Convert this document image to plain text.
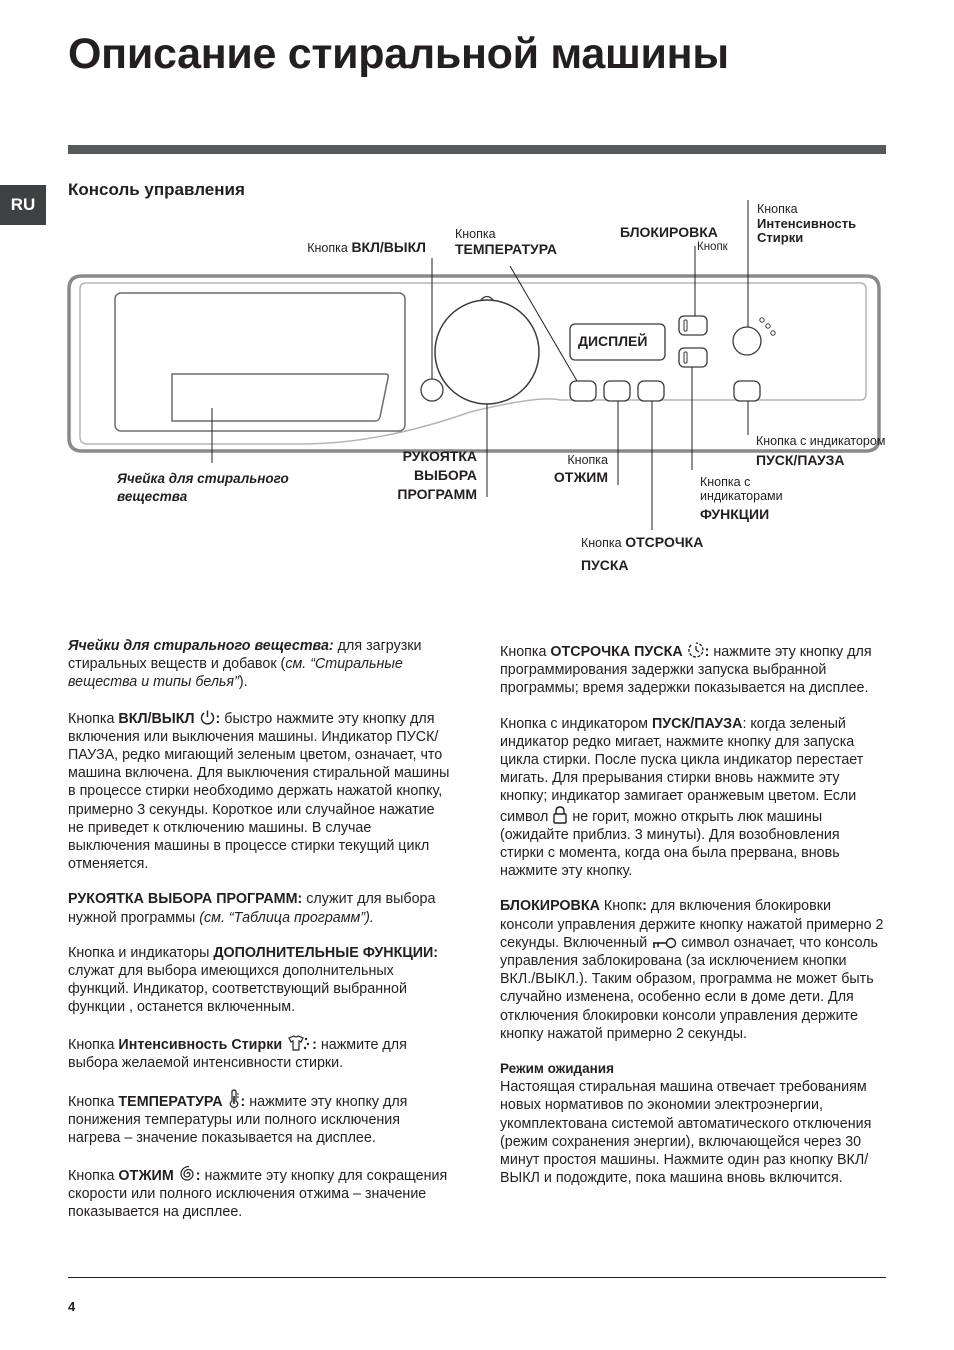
Описание стиральной машины
RU
Консоль управления
Кнопка ВКЛ/ВЫКЛ
Кнопка
ТЕМПЕРАТУРА
БЛОКИРОВКА
Кнопк
Кнопка
Интенсивность
Стирки
ДИСПЛЕЙ
РУКОЯТКА
ВЫБОРА
ПРОГРАММ
Ячейка для стирального
вещества
Кнопка
ОТЖИМ
Кнопка ОТСРОЧКА
ПУСКА
Кнопка с
индикаторами
ФУНКЦИИ
Кнопка с индикатором
ПУСК/ПАУЗА

Ячейки для стирального вещества: для загрузки стиральных веществ и добавок (см. “Стиральные вещества и типы белья”).

Кнопка ВКЛ/ВЫКЛ : быстро нажмите эту кнопку для включения или выключения машины. Индикатор ПУСК/ПАУЗА, редко мигающий зеленым цветом, означает, что машина включена. Для выключения стиральной машины в процессе стирки необходимо держать нажатой кнопку, примерно 3 секунды. Короткое или случайное нажатие не приведет к отключению машины. В случае выключения машины в процессе стирки текущий цикл отменяется.

РУКОЯТКА ВЫБОРА ПРОГРАММ: служит для выбора нужной программы (см. “Таблица программ”).

Кнопка и индикаторы ДОПОЛНИТЕЛЬНЫЕ ФУНКЦИИ: служат для выбора имеющихся дополнительных функций. Индикатор, соответствующий выбранной функции , останется включенным.

Кнопка Интенсивность Стирки : нажмите для выбора желаемой интенсивности стирки.

Кнопка ТЕМПЕРАТУРА : нажмите эту кнопку для понижения температуры или полного исключения нагрева – значение показывается на дисплее.

Кнопка ОТЖИМ : нажмите эту кнопку для сокращения скорости или полного исключения отжима – значение показывается на дисплее.

Кнопка ОТСРОЧКА ПУСКА : нажмите эту кнопку для программирования задержки запуска выбранной программы; время задержки показывается на дисплее.

Кнопка с индикатором ПУСК/ПАУЗА: когда зеленый индикатор редко мигает, нажмите кнопку для запуска цикла стирки. После пуска цикла индикатор перестает мигать. Для прерывания стирки вновь нажмите эту кнопку; индикатор замигает оранжевым цветом. Если символ  не горит, можно открыть люк машины (ожидайте приблиз. 3 минуты). Для возобновления стирки с момента, когда она была прервана, вновь нажмите эту кнопку.

БЛОКИРОВКА Кнопк: для включения блокировки консоли управления держите кнопку нажатой примерно 2 секунды. Включенный  символ означает, что консоль управления заблокирована (за исключением кнопки ВКЛ./ВЫКЛ.). Таким образом, программа не может быть случайно изменена, особенно если в доме дети. Для отключения блокировки консоли управления держите кнопку нажатой примерно 2 секунды.

Режим ожидания
Настоящая стиральная машина отвечает требованиям новых нормативов по экономии электроэнергии, укомплектована системой автоматического отключения (режим сохранения энергии), включающейся через 30 минут простоя машины. Нажмите один раз кнопку ВКЛ/ВЫКЛ и подождите, пока машина вновь включится.

4
